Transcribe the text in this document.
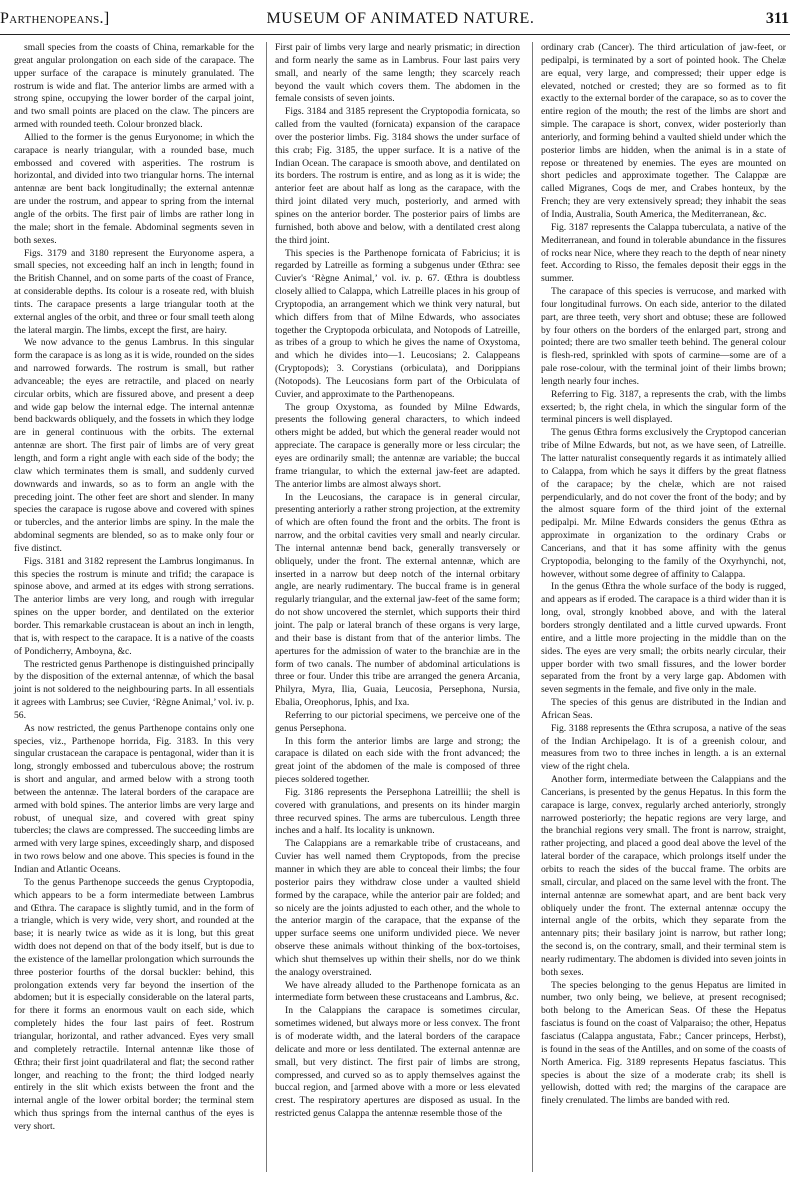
Parthenopeans.]	MUSEUM OF ANIMATED NATURE.	311

small species from the coasts of China, remarkable for the great angular prolongation on each side of the carapace. The upper surface of the carapace is minutely granulated. The rostrum is wide and flat. The anterior limbs are armed with a strong spine, occupying the lower border of the carpal joint, and two small points are placed on the claw. The pincers are armed with rounded teeth. Colour bronzed black.

Allied to the former is the genus Euryonome; in which the carapace is nearly triangular, with a rounded base, much embossed and covered with asperities. The rostrum is horizontal, and divided into two triangular horns. The internal antennæ are bent back longitudinally; the external antennæ are under the rostrum, and appear to spring from the internal angle of the orbits. The first pair of limbs are rather long in the male; short in the female. Abdominal segments seven in both sexes.

Figs. 3179 and 3180 represent the Euryonome aspera, a small species, not exceeding half an inch in length; found in the British Channel, and on some parts of the coast of France, at considerable depths. Its colour is a roseate red, with bluish tints. The carapace presents a large triangular tooth at the external angles of the orbit, and three or four small teeth along the lateral margin. The limbs, except the first, are hairy.

We now advance to the genus Lambrus. In this singular form the carapace is as long as it is wide, rounded on the sides and narrowed forwards. The rostrum is small, but rather advanceable; the eyes are retractile, and placed on nearly circular orbits, which are fissured above, and present a deep and wide gap below the internal edge. The internal antennæ bend backwards obliquely, and the fossets in which they lodge are in general continuous with the orbits. The external antennæ are short. The first pair of limbs are of very great length, and form a right angle with each side of the body; the claw which terminates them is small, and suddenly curved downwards and inwards, so as to form an angle with the preceding joint. The other feet are short and slender. In many species the carapace is rugose above and covered with spines or tubercles, and the anterior limbs are spiny. In the male the abdominal segments are blended, so as to make only four or five distinct.

Figs. 3181 and 3182 represent the Lambrus longimanus. In this species the rostrum is minute and trifid; the carapace is spinose above, and armed at its edges with strong serrations. The anterior limbs are very long, and rough with irregular spines on the upper border, and dentilated on the exterior border. This remarkable crustacean is about an inch in length, that is, with respect to the carapace. It is a native of the coasts of Pondicherry, Amboyna, &c.

The restricted genus Parthenope is distinguished principally by the disposition of the external antennæ, of which the basal joint is not soldered to the neighbouring parts. In all essentials it agrees with Lambrus; see Cuvier, ‘Règne Animal,’ vol. iv. p. 56.

As now restricted, the genus Parthenope contains only one species, viz., Parthenope horrida, Fig. 3183. In this very singular crustacean the carapace is pentagonal, wider than it is long, strongly embossed and tuberculous above; the rostrum is short and angular, and armed below with a strong tooth between the antennæ. The lateral borders of the carapace are armed with bold spines. The anterior limbs are very large and robust, of unequal size, and covered with great spiny tubercles; the claws are compressed. The succeeding limbs are armed with very large spines, exceedingly sharp, and disposed in two rows below and one above. This species is found in the Indian and Atlantic Oceans.

To the genus Parthenope succeeds the genus Cryptopodia, which appears to be a form intermediate between Lambrus and Œthra. The carapace is slightly tumid, and in the form of a triangle, which is very wide, very short, and rounded at the base; it is nearly twice as wide as it is long, but this great width does not depend on that of the body itself, but is due to the existence of the lamellar prolongation which surrounds the three posterior fourths of the dorsal buckler: behind, this prolongation extends very far beyond the insertion of the abdomen; but it is especially considerable on the lateral parts, for there it forms an enormous vault on each side, which completely hides the four last pairs of feet. Rostrum triangular, horizontal, and rather advanced. Eyes very small and completely retractile. Internal antennæ like those of Œthra; their first joint quadrilateral and flat; the second rather longer, and reaching to the front; the third lodged nearly entirely in the slit which exists between the front and the internal angle of the lower orbital border; the terminal stem which thus springs from the internal canthus of the eyes is very short.

First pair of limbs very large and nearly prismatic; in direction and form nearly the same as in Lambrus. Four last pairs very small, and nearly of the same length; they scarcely reach beyond the vault which covers them. The abdomen in the female consists of seven joints.

Figs. 3184 and 3185 represent the Cryptopodia fornicata, so called from the vaulted (fornicata) expansion of the carapace over the posterior limbs. Fig. 3184 shows the under surface of this crab; Fig. 3185, the upper surface. It is a native of the Indian Ocean. The carapace is smooth above, and dentilated on its borders. The rostrum is entire, and as long as it is wide; the anterior feet are about half as long as the carapace, with the third joint dilated very much, posteriorly, and armed with spines on the anterior border. The posterior pairs of limbs are furnished, both above and below, with a dentilated crest along the third joint.

This species is the Parthenope fornicata of Fabricius; it is regarded by Latreille as forming a subgenus under Œthra: see Cuvier's ‘Règne Animal,’ vol. iv. p. 67. Œthra is doubtless closely allied to Calappa, which Latreille places in his group of Cryptopodia, an arrangement which we think very natural, but which differs from that of Milne Edwards, who associates together the Cryptopoda orbiculata, and Notopods of Latreille, as tribes of a group to which he gives the name of Oxystoma, and which he divides into—1. Leucosians; 2. Calappeans (Cryptopods); 3. Corystians (orbiculata), and Dorippians (Notopods). The Leucosians form part of the Orbiculata of Cuvier, and approximate to the Parthenopeans.

The group Oxystoma, as founded by Milne Edwards, presents the following general characters, to which indeed others might be added, but which the general reader would not appreciate. The carapace is generally more or less circular; the eyes are ordinarily small; the antennæ are variable; the buccal frame triangular, to which the external jaw-feet are adapted. The anterior limbs are almost always short.

In the Leucosians, the carapace is in general circular, presenting anteriorly a rather strong projection, at the extremity of which are often found the front and the orbits. The front is narrow, and the orbital cavities very small and nearly circular. The internal antennæ bend back, generally transversely or obliquely, under the front. The external antennæ, which are inserted in a narrow but deep notch of the internal orbitary angle, are nearly rudimentary. The buccal frame is in general regularly triangular, and the external jaw-feet of the same form; do not show uncovered the sternlet, which supports their third joint. The palp or lateral branch of these organs is very large, and their base is distant from that of the anterior limbs. The apertures for the admission of water to the branchiæ are in the form of two canals. The number of abdominal articulations is three or four. Under this tribe are arranged the genera Arcania, Philyra, Myra, Ilia, Guaia, Leucosia, Persephona, Nursia, Ebalia, Oreophorus, Iphis, and Ixa.

Referring to our pictorial specimens, we perceive one of the genus Persephona.

In this form the anterior limbs are large and strong; the carapace is dilated on each side with the front advanced; the great joint of the abdomen of the male is composed of three pieces soldered together.

Fig. 3186 represents the Persephona Latreillii; the shell is covered with granulations, and presents on its hinder margin three recurved spines. The arms are tuberculous. Length three inches and a half. Its locality is unknown.

The Calappians are a remarkable tribe of crustaceans, and Cuvier has well named them Cryptopods, from the precise manner in which they are able to conceal their limbs; the four posterior pairs they withdraw close under a vaulted shield formed by the carapace, while the anterior pair are folded; and so nicely are the joints adjusted to each other, and the whole to the anterior margin of the carapace, that the expanse of the upper surface seems one uniform undivided piece. We never observe these animals without thinking of the box-tortoises, which shut themselves up within their shells, nor do we think the analogy overstrained.

We have already alluded to the Parthenope fornicata as an intermediate form between these crustaceans and Lambrus, &c.

In the Calappians the carapace is sometimes circular, sometimes widened, but always more or less convex. The front is of moderate width, and the lateral borders of the carapace delicate and more or less dentilated. The external antennæ are small, but very distinct. The first pair of limbs are strong, compressed, and curved so as to apply themselves against the buccal region, and [armed above with a more or less elevated crest. The respiratory apertures are disposed as usual. In the restricted genus Calappa the antennæ resemble those of the

ordinary crab (Cancer). The third articulation of jaw-feet, or pedipalpi, is terminated by a sort of pointed hook. The Chelæ are equal, very large, and compressed; their upper edge is elevated, notched or crested; they are so formed as to fit exactly to the external border of the carapace, so as to cover the entire region of the mouth; the rest of the limbs are short and simple. The carapace is short, convex, wider posteriorly than anteriorly, and forming behind a vaulted shield under which the posterior limbs are hidden, when the animal is in a state of repose or threatened by enemies. The eyes are mounted on short pedicles and approximate together. The Calappæ are called Migranes, Coqs de mer, and Crabes honteux, by the French; they are very extensively spread; they inhabit the seas of India, Australia, South America, the Mediterranean, &c.

Fig. 3187 represents the Calappa tuberculata, a native of the Mediterranean, and found in tolerable abundance in the fissures of rocks near Nice, where they reach to the depth of near ninety feet. According to Risso, the females deposit their eggs in the summer.

The carapace of this species is verrucose, and marked with four longitudinal furrows. On each side, anterior to the dilated part, are three teeth, very short and obtuse; these are followed by four others on the borders of the enlarged part, strong and pointed; there are two smaller teeth behind. The general colour is flesh-red, sprinkled with spots of carmine—some are of a pale rose-colour, with the terminal joint of their limbs brown; length nearly four inches.

Referring to Fig. 3187, a represents the crab, with the limbs exserted; b, the right chela, in which the singular form of the terminal pincers is well displayed.

The genus Œthra forms exclusively the Cryptopod cancerian tribe of Milne Edwards, but not, as we have seen, of Latreille. The latter naturalist consequently regards it as intimately allied to Calappa, from which he says it differs by the great flatness of the carapace; by the chelæ, which are not raised perpendicularly, and do not cover the front of the body; and by the almost square form of the third joint of the external pedipalpi. Mr. Milne Edwards considers the genus Œthra as approximate in organization to the ordinary Crabs or Cancerians, and that it has some affinity with the genus Cryptopodia, belonging to the family of the Oxyrhynchi, not, however, without some degree of affinity to Calappa.

In the genus Œthra the whole surface of the body is rugged, and appears as if eroded. The carapace is a third wider than it is long, oval, strongly knobbed above, and with the lateral borders strongly dentilated and a little curved upwards. Front entire, and a little more projecting in the middle than on the sides. The eyes are very small; the orbits nearly circular, their upper border with two small fissures, and the lower border separated from the front by a very large gap. Abdomen with seven segments in the female, and five only in the male.

The species of this genus are distributed in the Indian and African Seas.

Fig. 3188 represents the Œthra scruposa, a native of the seas of the Indian Archipelago. It is of a greenish colour, and measures from two to three inches in length. a is an external view of the right chela.

Another form, intermediate between the Calappians and the Cancerians, is presented by the genus Hepatus. In this form the carapace is large, convex, regularly arched anteriorly, strongly narrowed posteriorly; the hepatic regions are very large, and the branchial regions very small. The front is narrow, straight, rather projecting, and placed a good deal above the level of the lateral border of the carapace, which prolongs itself under the orbits to reach the sides of the buccal frame. The orbits are small, circular, and placed on the same level with the front. The internal antennæ are somewhat apart, and are bent back very obliquely under the front. The external antennæ occupy the internal angle of the orbits, which they separate from the antennary pits; their basilary joint is narrow, but rather long; the second is, on the contrary, small, and their terminal stem is nearly rudimentary. The abdomen is divided into seven joints in both sexes.

The species belonging to the genus Hepatus are limited in number, two only being, we believe, at present recognised; both belong to the American Seas. Of these the Hepatus fasciatus is found on the coast of Valparaiso; the other, Hepatus fasciatus (Calappa angustata, Fabr.; Cancer princeps, Herbst), is found in the seas of the Antilles, and on some of the coasts of North America. Fig. 3189 represents Hepatus fasciatus. This species is about the size of a moderate crab; its shell is yellowish, dotted with red; the margins of the carapace are finely crenulated. The limbs are banded with red.
